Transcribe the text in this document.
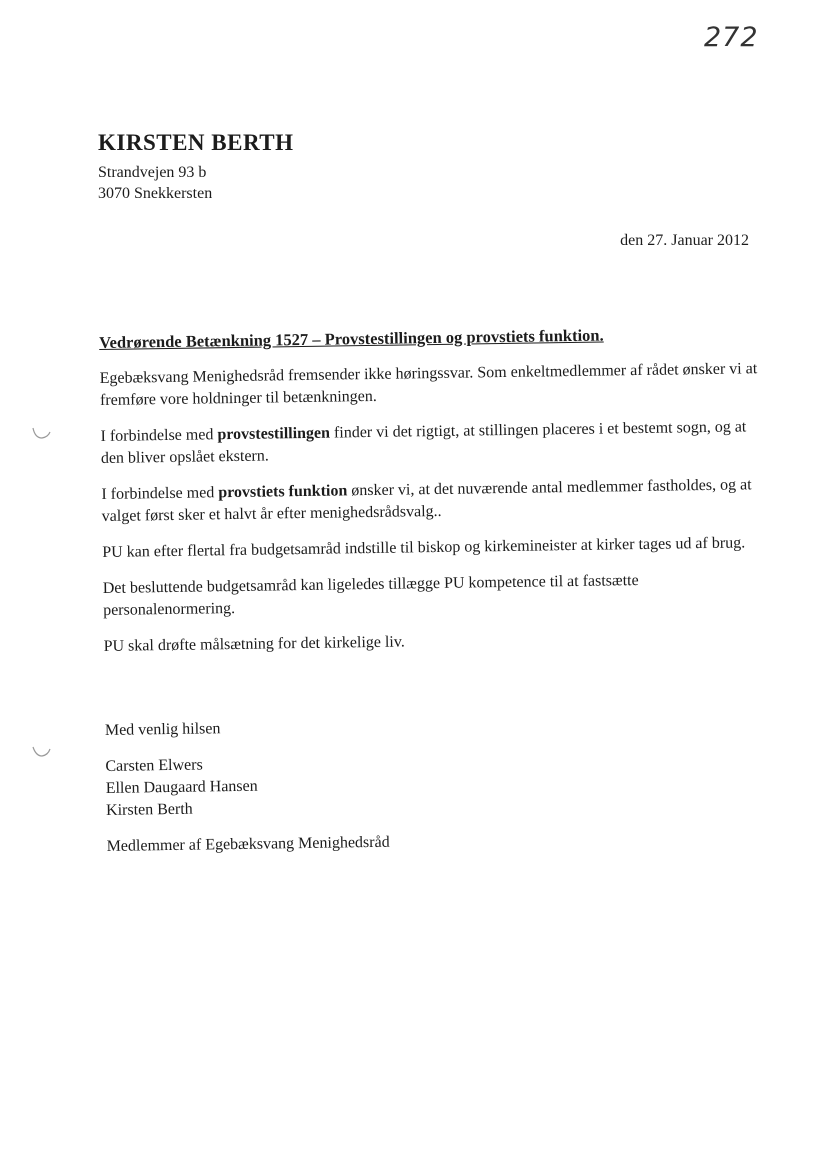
272
KIRSTEN BERTH
Strandvejen 93 b
3070 Snekkersten
den 27. Januar 2012

Vedrørende Betænkning 1527 – Provstestillingen og provstiets funktion.

Egebæksvang Menighedsråd fremsender ikke høringssvar. Som enkeltmedlemmer af rådet ønsker vi at fremføre vore holdninger til betænkningen.

I forbindelse med provstestillingen finder vi det rigtigt, at stillingen placeres i et bestemt sogn, og at den bliver opslået ekstern.

I forbindelse med provstiets funktion ønsker vi, at det nuværende antal medlemmer fastholdes, og at valget først sker et halvt år efter menighedsrådsvalg..

PU kan efter flertal fra budgetsamråd indstille til biskop og kirkemineister at kirker tages ud af brug.

Det besluttende budgetsamråd kan ligeledes tillægge PU kompetence til at fastsætte personalenormering.

PU skal drøfte målsætning for det kirkelige liv.

Med venlig hilsen

Carsten Elwers
Ellen Daugaard Hansen
Kirsten Berth

Medlemmer af Egebæksvang Menighedsråd
